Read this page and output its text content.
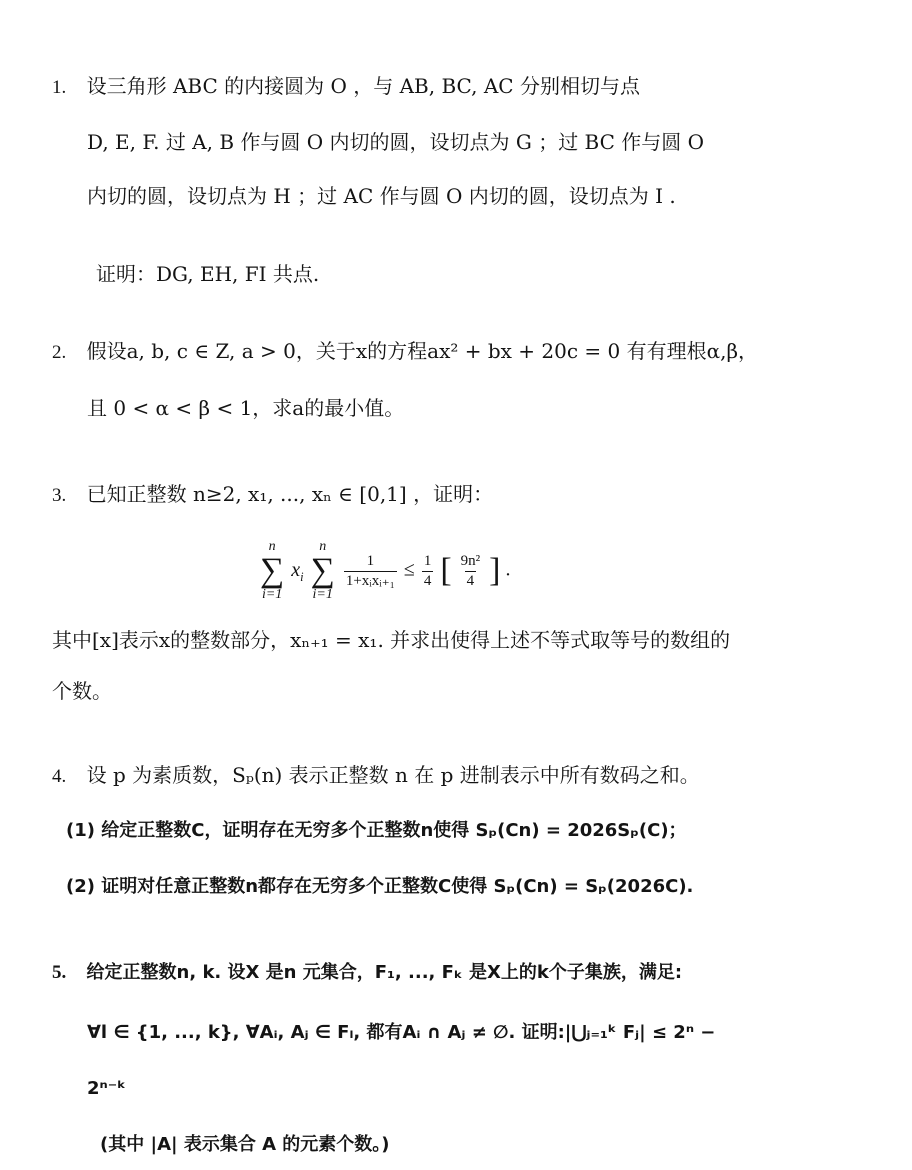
1. 设三角形 ABC 的内接圆为 O ，与 AB, BC, AC 分别相切与点
D, E, F. 过 A, B 作与圆 O 内切的圆，设切点为 G ；过 BC 作与圆 O
内切的圆，设切点为 H ；过 AC 作与圆 O 内切的圆，设切点为 I .
证明：DG, EH, FI 共点.
2. 假设a, b, c ∈ Z, a > 0，关于x的方程ax² + bx + 20c = 0 有有理根α,β，
且 0 < α < β < 1，求a的最小值。
3. 已知正整数 n≥2, x₁, ..., xₙ ∈ [0,1] ，证明：
n
∑
i=1
$x_i$
n
∑
i=1

$\frac{1}{\text{1+xᵢxᵢ₊₁}} \le \frac{1}{4}$ [ $\frac{\text{9n²}}{4}$ ] .
其中[x]表示x的整数部分，xₙ₊₁ = x₁. 并求出使得上述不等式取等号的数组的
个数。
4. 设 p 为素质数，Sₚ(n) 表示正整数 n 在 p 进制表示中所有数码之和。
(1) 给定正整数C，证明存在无穷多个正整数n使得 Sₚ(Cn) = 2026Sₚ(C)；
(2) 证明对任意正整数n都存在无穷多个正整数C使得 Sₚ(Cn) = Sₚ(2026C).
5. 给定正整数n, k. 设X 是n 元集合，F₁, ..., Fₖ 是X上的k个子集族，满足:
∀l ∈ {1, ..., k}, ∀Aᵢ, Aⱼ ∈ Fₗ, 都有Aᵢ ∩ Aⱼ ≠ ∅. 证明:|⋃ⱼ₌₁ᵏ Fⱼ| ≤ 2ⁿ −
2ⁿ⁻ᵏ
(其中 |A| 表示集合 A 的元素个数。)
